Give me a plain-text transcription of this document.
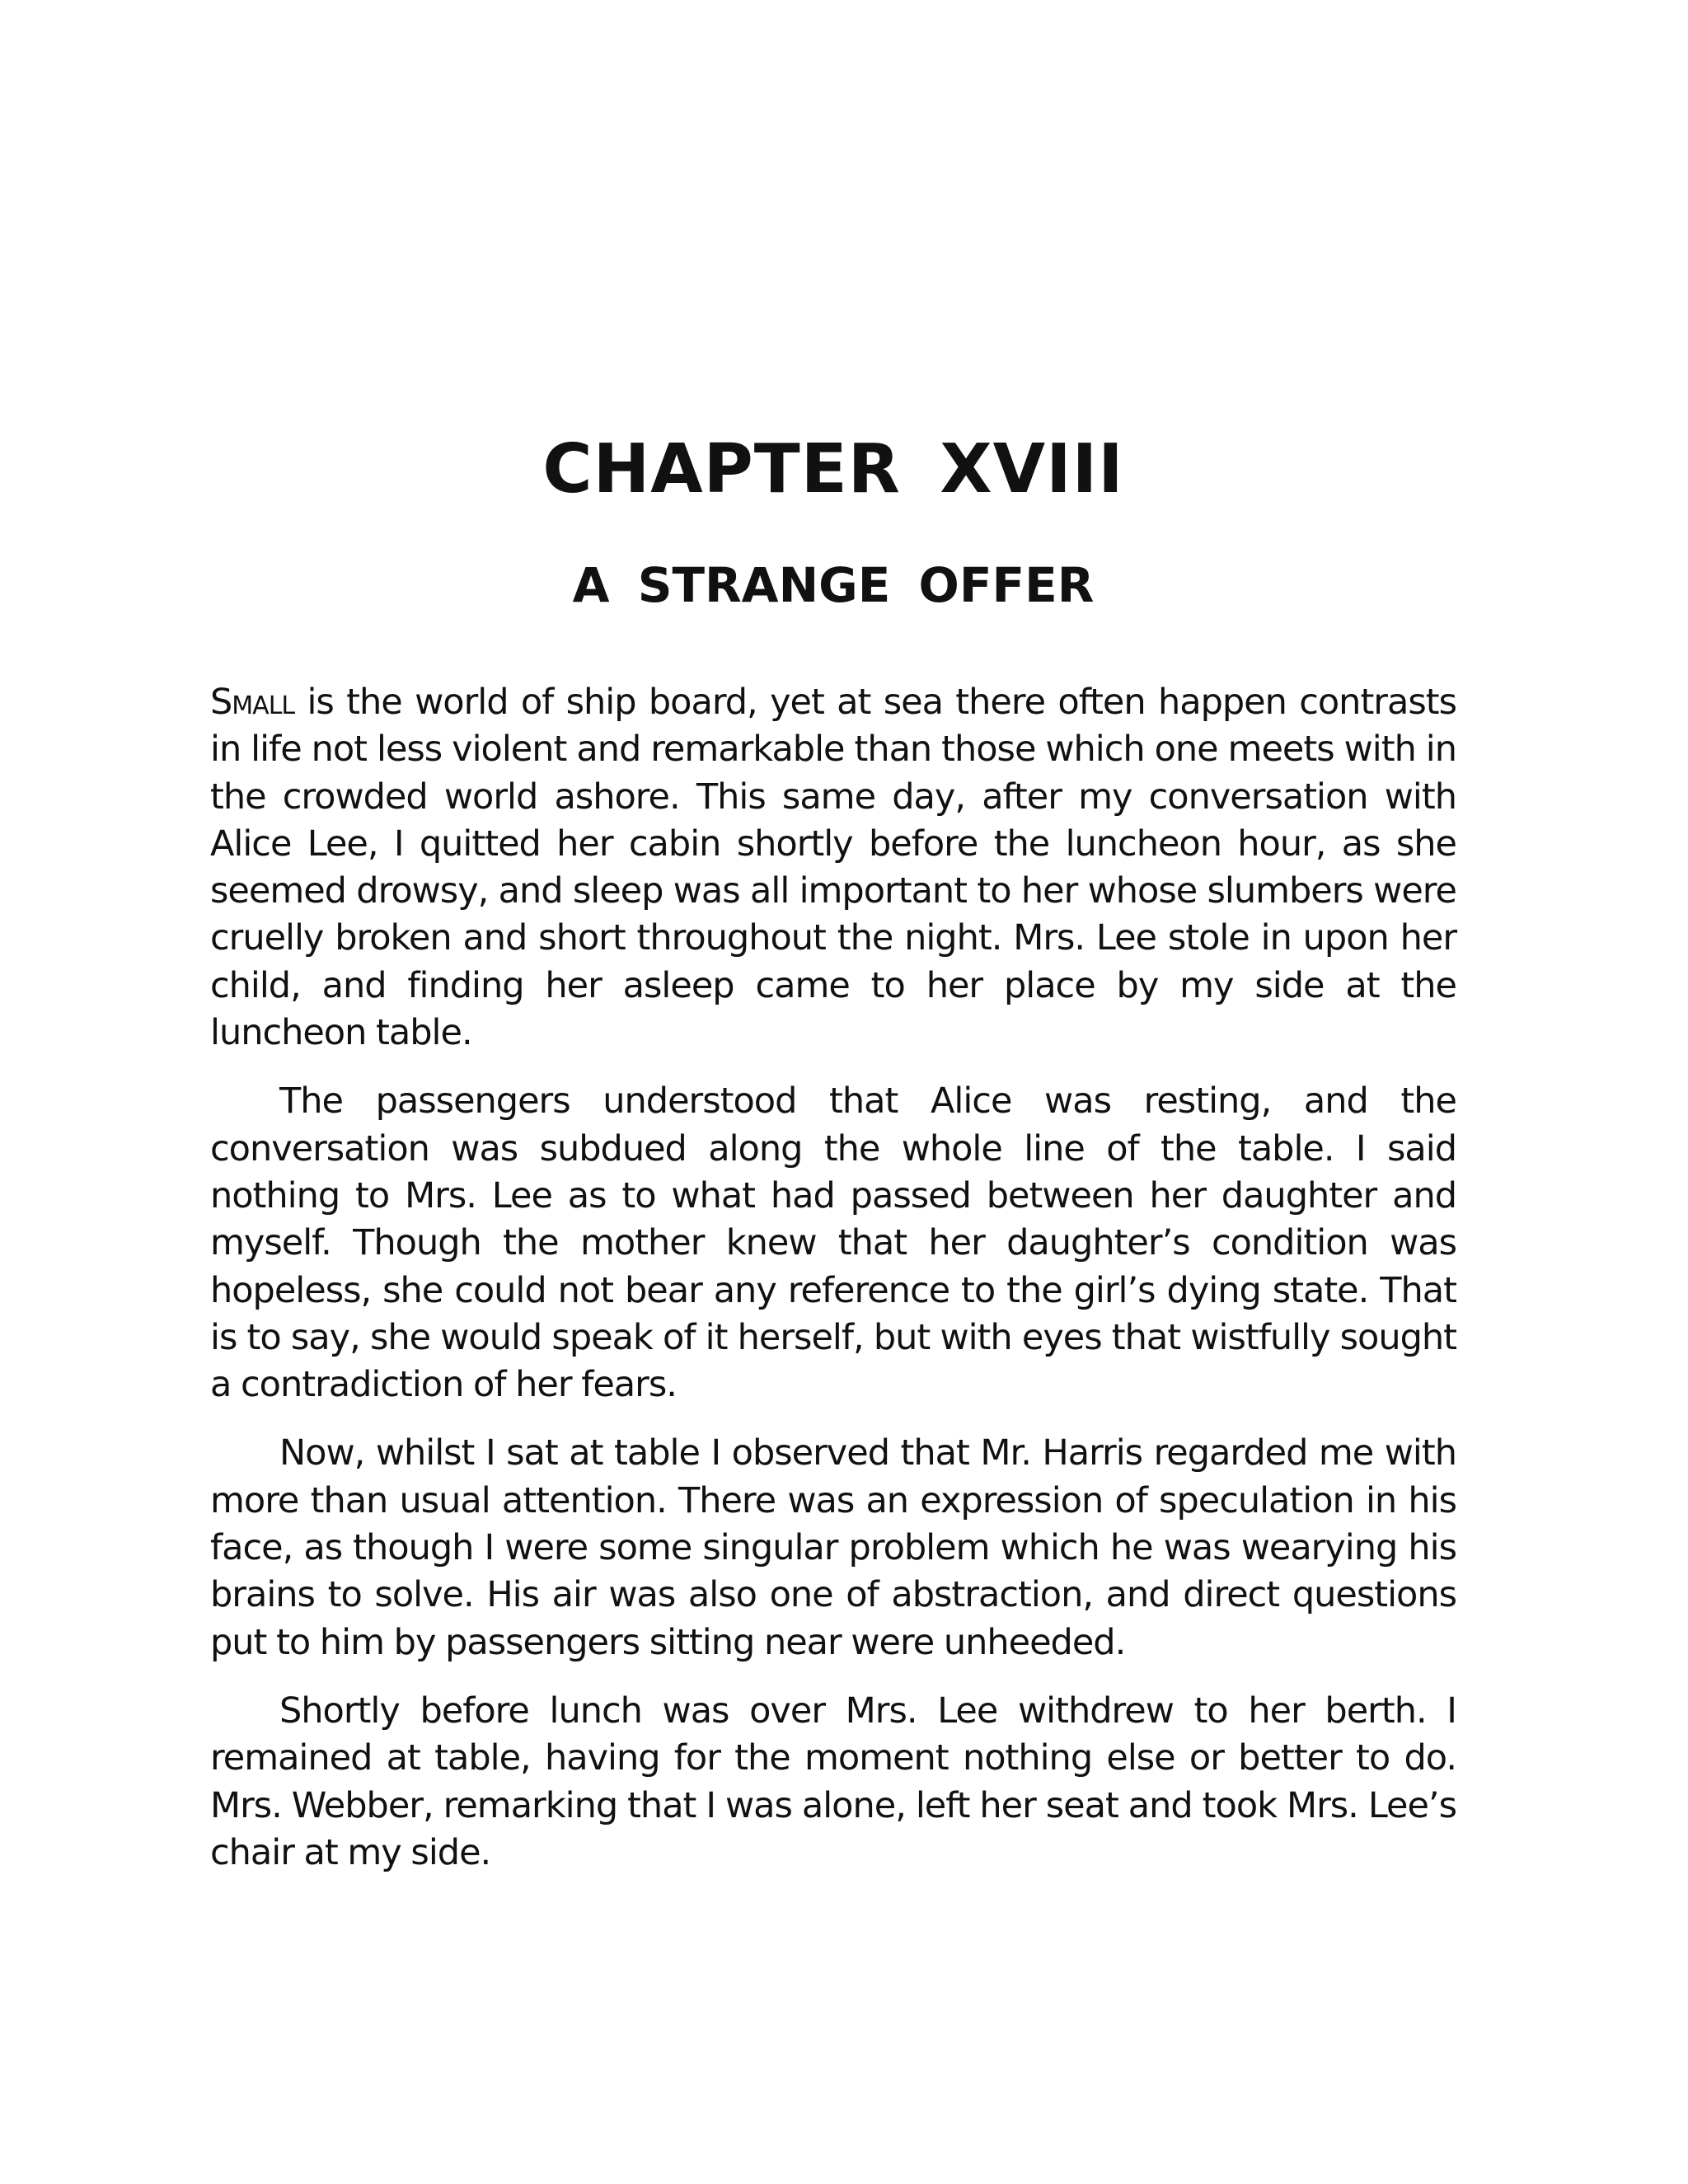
CHAPTER XVIII
A STRANGE OFFER

Small is the world of ship board, yet at sea there often happen contrasts in life not less violent and remarkable than those which one meets with in the crowded world ashore. This same day, after my conversation with Alice Lee, I quitted her cabin shortly before the luncheon hour, as she seemed drowsy, and sleep was all important to her whose slumbers were cruelly broken and short throughout the night. Mrs. Lee stole in upon her child, and finding her asleep came to her place by my side at the luncheon table.

The passengers understood that Alice was resting, and the conversation was subdued along the whole line of the table. I said nothing to Mrs. Lee as to what had passed between her daughter and myself. Though the mother knew that her daughter’s condition was hopeless, she could not bear any reference to the girl’s dying state. That is to say, she would speak of it herself, but with eyes that wistfully sought a contradiction of her fears.

Now, whilst I sat at table I observed that Mr. Harris regarded me with more than usual attention. There was an expression of speculation in his face, as though I were some singular problem which he was wearying his brains to solve. His air was also one of abstraction, and direct questions put to him by passengers sitting near were unheeded.

Shortly before lunch was over Mrs. Lee withdrew to her berth. I remained at table, having for the moment nothing else or better to do. Mrs. Webber, remarking that I was alone, left her seat and took Mrs. Lee’s chair at my side.
